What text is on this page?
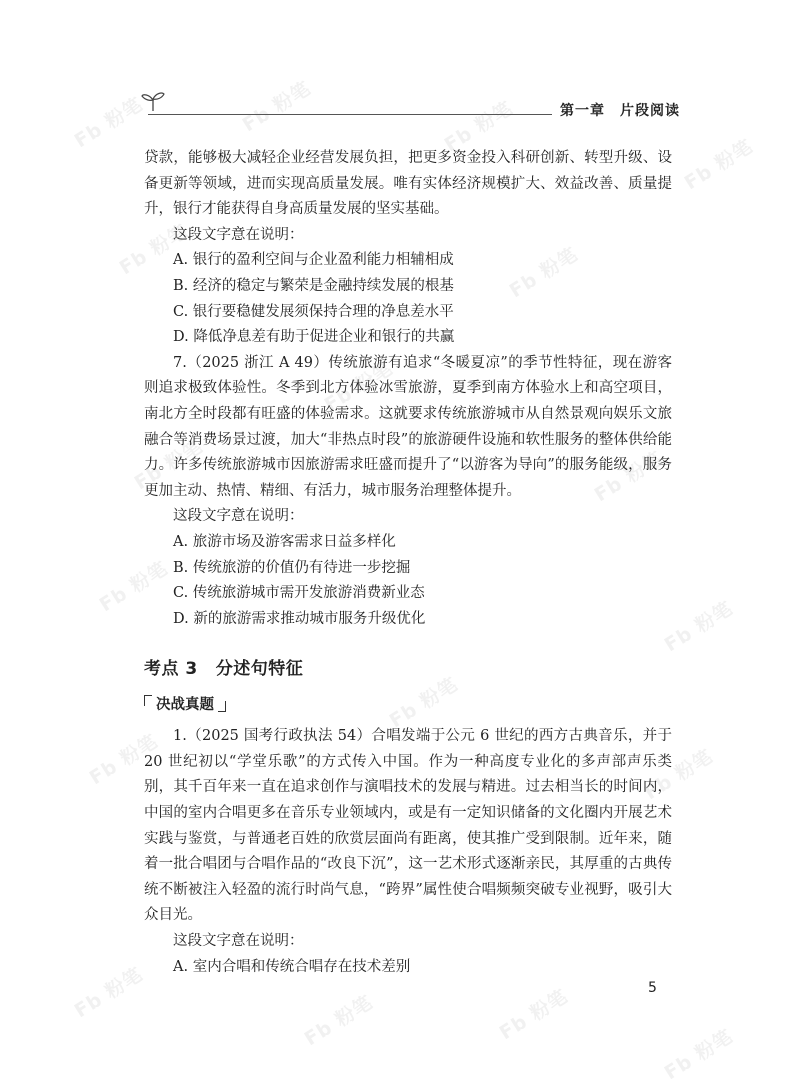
Fb 粉笔	Fb 粉笔
Fb 粉笔
Fb 粉笔
Fb 粉笔	Fb 粉笔
Fb 粉笔
Fb 粉笔	Fb 粉笔
Fb 粉笔
Fb 粉笔
Fb 粉笔
Fb 粉笔	Fb 粉笔
Fb 粉笔	Fb 粉笔	Fb 粉笔
Fb 粉笔
第一章　片段阅读

贷款，能够极大减轻企业经营发展负担，把更多资金投入科研创新、转型升级、设备更新等领域，进而实现高质量发展。唯有实体经济规模扩大、效益改善、质量提升，银行才能获得自身高质量发展的坚实基础。

这段文字意在说明：
A. 银行的盈利空间与企业盈利能力相辅相成
B. 经济的稳定与繁荣是金融持续发展的根基
C. 银行要稳健发展须保持合理的净息差水平
D. 降低净息差有助于促进企业和银行的共赢

7.（2025 浙江 A 49）传统旅游有追求“冬暖夏凉”的季节性特征，现在游客则追求极致体验性。冬季到北方体验冰雪旅游，夏季到南方体验水上和高空项目，南北方全时段都有旺盛的体验需求。这就要求传统旅游城市从自然景观向娱乐文旅融合等消费场景过渡，加大“非热点时段”的旅游硬件设施和软性服务的整体供给能力。许多传统旅游城市因旅游需求旺盛而提升了“以游客为导向”的服务能级，服务更加主动、热情、精细、有活力，城市服务治理整体提升。

这段文字意在说明：
A. 旅游市场及游客需求日益多样化
B. 传统旅游的价值仍有待进一步挖掘
C. 传统旅游城市需开发旅游消费新业态
D. 新的旅游需求推动城市服务升级优化
考点 3 分述句特征
决战真题

1.（2025 国考行政执法 54）合唱发端于公元 6 世纪的西方古典音乐，并于 20 世纪初以“学堂乐歌”的方式传入中国。作为一种高度专业化的多声部声乐类别，其千百年来一直在追求创作与演唱技术的发展与精进。过去相当长的时间内，中国的室内合唱更多在音乐专业领域内，或是有一定知识储备的文化圈内开展艺术实践与鉴赏，与普通老百姓的欣赏层面尚有距离，使其推广受到限制。近年来，随着一批合唱团与合唱作品的“改良下沉”，这一艺术形式逐渐亲民，其厚重的古典传统不断被注入轻盈的流行时尚气息，“跨界”属性使合唱频频突破专业视野，吸引大众目光。

这段文字意在说明：
A. 室内合唱和传统合唱存在技术差别
5
